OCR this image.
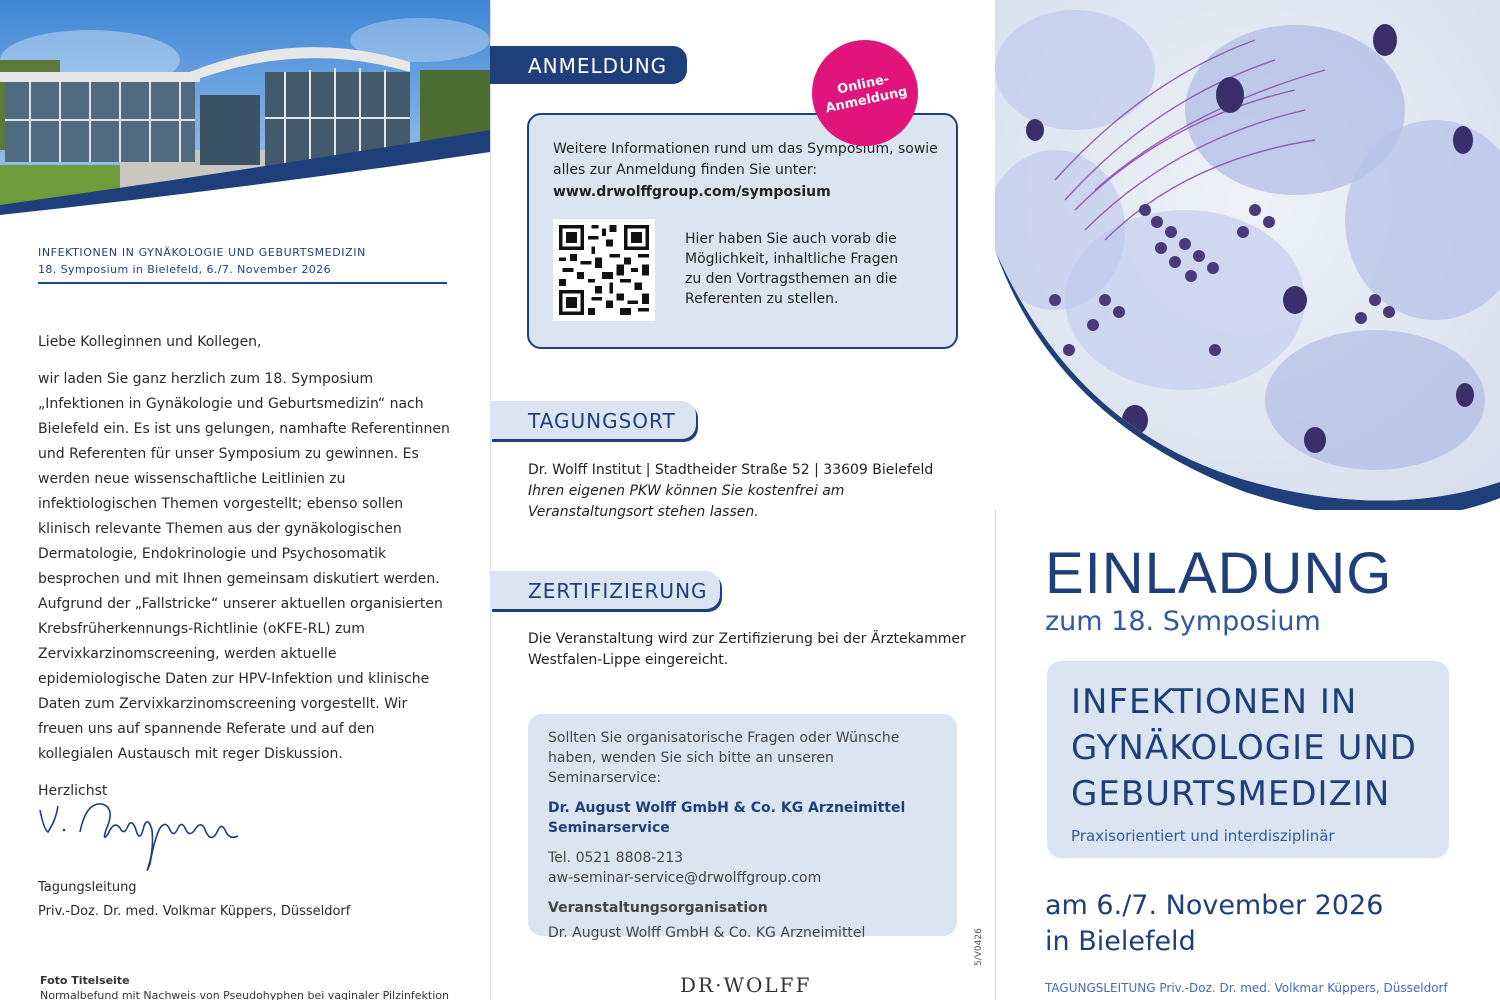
INFEKTIONEN IN GYNÄKOLOGIE UND GEBURTSMEDIZIN
18. Symposium in Bielefeld, 6./7. November 2026

Liebe Kolleginnen und Kollegen,

wir laden Sie ganz herzlich zum 18. Symposium „Infektionen in Gynäkologie und Geburtsmedizin“ nach Bielefeld ein. Es ist uns gelungen, namhafte Referentinnen und Referenten für unser Symposium zu gewinnen. Es werden neue wissenschaftliche Leitlinien zu infektiologischen Themen vorgestellt; ebenso sollen klinisch relevante Themen aus der gynäkologischen Dermatologie, Endokrinologie und Psychosomatik besprochen und mit Ihnen gemeinsam diskutiert werden. Aufgrund der „Fallstricke“ unserer aktuellen organisierten Krebsfrüherkennungs-Richtlinie (oKFE-RL) zum Zervixkarzinomscreening, werden aktuelle epidemiologische Daten zur HPV-Infektion und klinische Daten zum Zervixkarzinomscreening vorgestellt. Wir freuen uns auf spannende Referate und auf den kollegialen Austausch mit reger Diskussion.

Herzlichst

Tagungsleitung
Priv.-Doz. Dr. med. Volkmar Küppers, Düsseldorf
Foto Titelseite
Normalbefund mit Nachweis von Pseudohyphen bei vaginaler Pilzinfektion
ANMELDUNG
Weitere Informationen rund um das Symposium, sowie alles zur Anmeldung finden Sie unter:
www.drwolffgroup.com/symposium
Hier haben Sie auch vorab die Möglichkeit, inhaltliche Fragen zu den Vortragsthemen an die Referenten zu stellen.
Online-
Anmeldung
TAGUNGSORT
Dr. Wolff Institut | Stadtheider Straße 52 | 33609 Bielefeld
Ihren eigenen PKW können Sie kostenfrei am Veranstaltungsort stehen lassen.
ZERTIFIZIERUNG
Die Veranstaltung wird zur Zertifizierung bei der Ärztekammer Westfalen-Lippe eingereicht.
Sollten Sie organisatorische Fragen oder Wünsche haben, wenden Sie sich bitte an unseren Seminarservice:
Dr. August Wolff GmbH & Co. KG Arzneimittel Seminarservice
Tel. 0521 8808-213
aw-seminar-service@drwolffgroup.com
Veranstaltungsorganisation
Dr. August Wolff GmbH & Co. KG Arzneimittel
DR·WOLFF
5/V0426
EINLADUNG
zum 18. Symposium
INFEKTIONEN IN
GYNÄKOLOGIE UND
GEBURTSMEDIZIN
Praxisorientiert und interdisziplinär
am 6./7. November 2026
in Bielefeld
TAGUNGSLEITUNG Priv.-Doz. Dr. med. Volkmar Küppers, Düsseldorf
